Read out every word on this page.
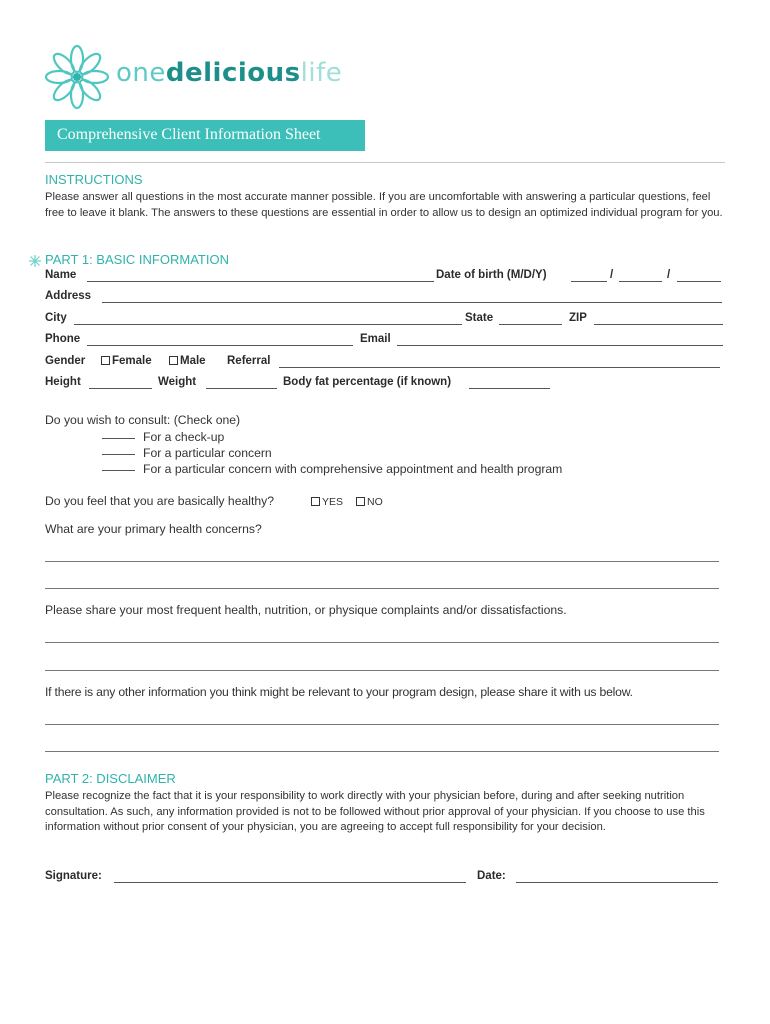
onedeliciouslife
Comprehensive Client Information Sheet
INSTRUCTIONS
Please answer all questions in the most accurate manner possible. If you are uncomfortable with answering a particular questions, feel free to leave it blank. The answers to these questions are essential in order to allow us to design an optimized individual program for you.
PART 1: BASIC INFORMATION
Name	Date of birth (M/D/Y)	/	/
Address
City	State	ZIP
Phone	Email
Gender	Female	Male Referral
Height	Weight	Body fat percentage (if known)
Do you wish to consult: (Check one)
For a check-up
For a particular concern
For a particular concern with comprehensive appointment and health program
Do you feel that you are basically healthy?	YES	NO
What are your primary health concerns?
Please share your most frequent health, nutrition, or physique complaints and/or dissatisfactions.
If there is any other information you think might be relevant to your program design, please share it with us below.
PART 2: DISCLAIMER
Please recognize the fact that it is your responsibility to work directly with your physician before, during and after seeking nutrition consultation. As such, any information provided is not to be followed without prior approval of your physician. If you choose to use this information without prior consent of your physician, you are agreeing to accept full responsibility for your decision.
Signature:	Date:
